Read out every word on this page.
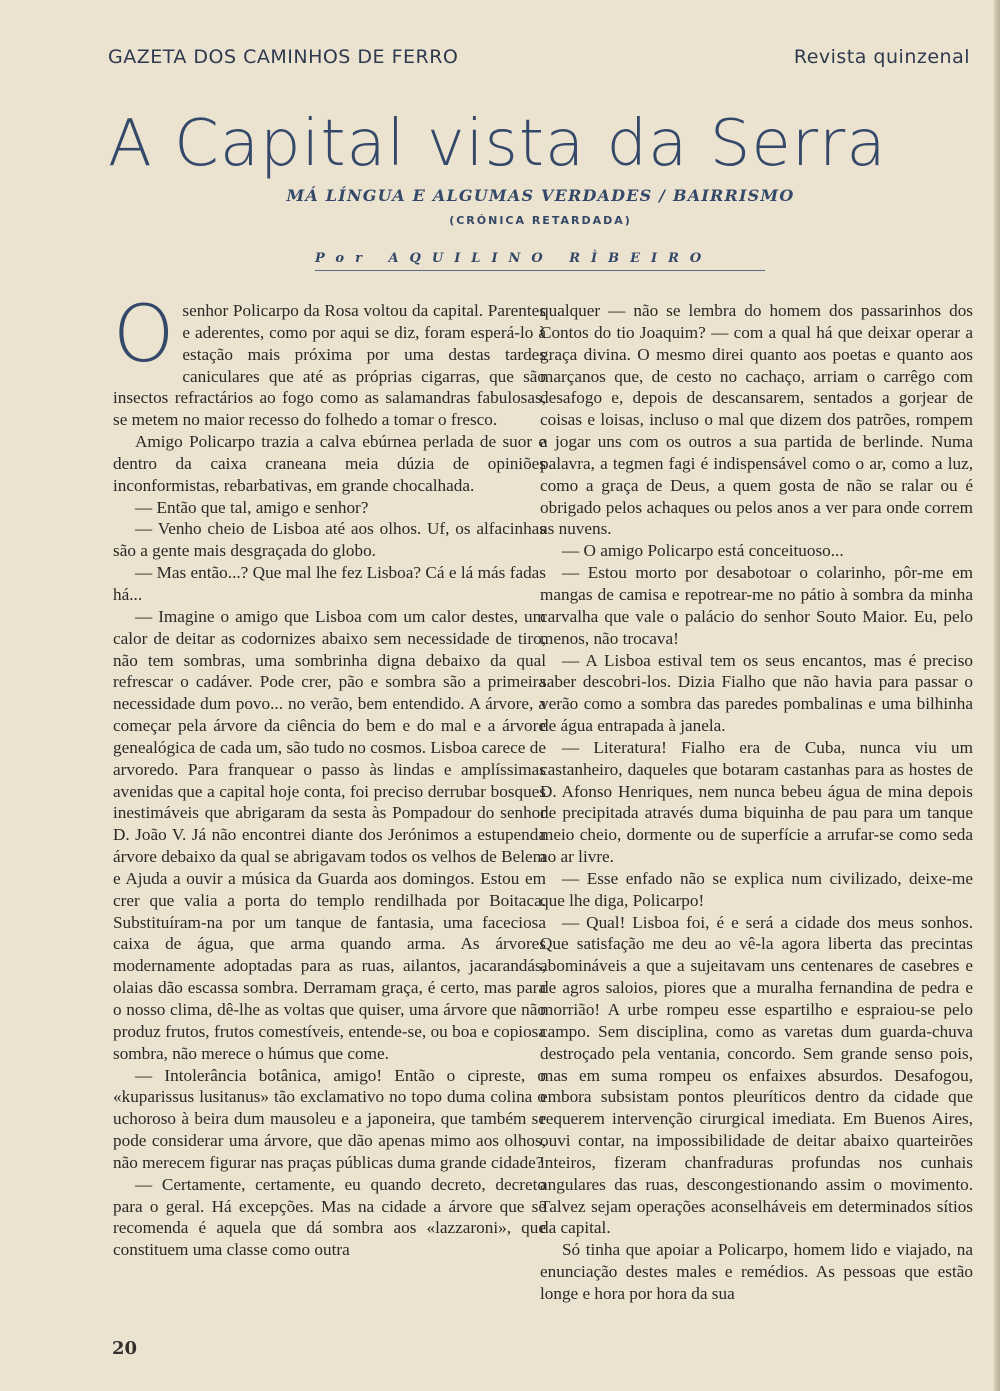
GAZETA DOS CAMINHOS DE FERRO	Revista quinzenal
A Capital vista da Serra
MÁ LÍNGUA E ALGUMAS VERDADES / BAIRRISMO
(CRÓNICA RETARDADA)
Por AQUILINO RÌBEIRO

Osenhor Policarpo da Rosa voltou da capital. Parentes e aderentes, como por aqui se diz, foram esperá-lo à estação mais próxima por uma destas tardes caniculares que até as próprias cigarras, que são insectos refractários ao fogo como as salamandras fabulosas, se metem no maior recesso do folhedo a tomar o fresco.

Amigo Policarpo trazia a calva ebúrnea perlada de suor e dentro da caixa craneana meia dúzia de opiniões inconformistas, rebarbativas, em grande chocalhada.

— Então que tal, amigo e senhor?

— Venho cheio de Lisboa até aos olhos. Uf, os alfacinhas são a gente mais desgraçada do globo.

— Mas então...? Que mal lhe fez Lisboa? Cá e lá más fadas há...

— Imagine o amigo que Lisboa com um calor destes, um calor de deitar as codornizes abaixo sem necessidade de tiro, não tem sombras, uma sombrinha digna debaixo da qual refrescar o cadáver. Pode crer, pão e sombra são a primeira necessidade dum povo... no verão, bem entendido. A árvore, a começar pela árvore da ciência do bem e do mal e a árvore genealógica de cada um, são tudo no cosmos. Lisboa carece de arvoredo. Para franquear o passo às lindas e amplíssimas avenidas que a capital hoje conta, foi preciso derrubar bosques inestimáveis que abrigaram da sesta às Pompadour do senhor D. João V. Já não encontrei diante dos Jerónimos a estupenda árvore debaixo da qual se abrigavam todos os velhos de Belem e Ajuda a ouvir a música da Guarda aos domingos. Estou em crer que valia a porta do templo rendilhada por Boitaca. Substituíram-na por um tanque de fantasia, uma faceciosa caixa de água, que arma quando arma. As árvores modernamente adoptadas para as ruas, ailantos, jacarandás, olaias dão escassa sombra. Derramam graça, é certo, mas para o nosso clima, dê-lhe as voltas que quiser, uma árvore que não produz frutos, frutos comestíveis, entende-se, ou boa e copiosa sombra, não merece o húmus que come.

— Intolerância botânica, amigo! Então o cipreste, o «kuparissus lusitanus» tão exclamativo no topo duma colina o uchoroso à beira dum mausoleu e a japoneira, que também se pode considerar uma árvore, que dão apenas mimo aos olhos, não merecem figurar nas praças públicas duma grande cidade?

— Certamente, certamente, eu quando decreto, decreto para o geral. Há excepções. Mas na cidade a árvore que se recomenda é aquela que dá sombra aos «lazzaroni», que constituem uma classe como outra

qualquer — não se lembra do homem dos passarinhos dos Contos do tio Joaquim? — com a qual há que deixar operar a graça divina. O mesmo direi quanto aos poetas e quanto aos marçanos que, de cesto no cachaço, arriam o carrêgo com desafogo e, depois de descansarem, sentados a gorjear de coisas e loisas, incluso o mal que dizem dos patrões, rompem a jogar uns com os outros a sua partida de berlinde. Numa palavra, a tegmen fagi é indispensável como o ar, como a luz, como a graça de Deus, a quem gosta de não se ralar ou é obrigado pelos achaques ou pelos anos a ver para onde correm as nuvens.

— O amigo Policarpo está conceituoso...

— Estou morto por desabotoar o colarinho, pôr-me em mangas de camisa e repotrear-me no pátio à sombra da minha carvalha que vale o palácio do senhor Souto Maior. Eu, pelo menos, não trocava!

— A Lisboa estival tem os seus encantos, mas é preciso saber descobri-los. Dizia Fialho que não havia para passar o verão como a sombra das paredes pombalinas e uma bilhinha de água entrapada à janela.

— Literatura! Fialho era de Cuba, nunca viu um castanheiro, daqueles que botaram castanhas para as hostes de D. Afonso Henriques, nem nunca bebeu água de mina depois de precipitada através duma biquinha de pau para um tanque meio cheio, dormente ou de superfície a arrufar-se como seda ao ar livre.

— Esse enfado não se explica num civilizado, deixe-me que lhe diga, Policarpo!

— Qual! Lisboa foi, é e será a cidade dos meus sonhos. Que satisfação me deu ao vê-la agora liberta das precintas abomináveis a que a sujeitavam uns centenares de casebres e de agros saloios, piores que a muralha fernandina de pedra e morrião! A urbe rompeu esse espartilho e espraiou-se pelo campo. Sem disciplina, como as varetas dum guarda-chuva destroçado pela ventania, concordo. Sem grande senso pois, mas em suma rompeu os enfaixes absurdos. Desafogou, embora subsistam pontos pleuríticos dentro da cidade que requerem intervenção cirurgical imediata. Em Buenos Aires, ouvi contar, na impossibilidade de deitar abaixo quarteirões inteiros, fizeram chanfraduras profundas nos cunhais angulares das ruas, descongestionando assim o movimento. Talvez sejam operações aconselháveis em determinados sítios da capital.

Só tinha que apoiar a Policarpo, homem lido e viajado, na enunciação destes males e remédios. As pessoas que estão longe e hora por hora da sua

20
